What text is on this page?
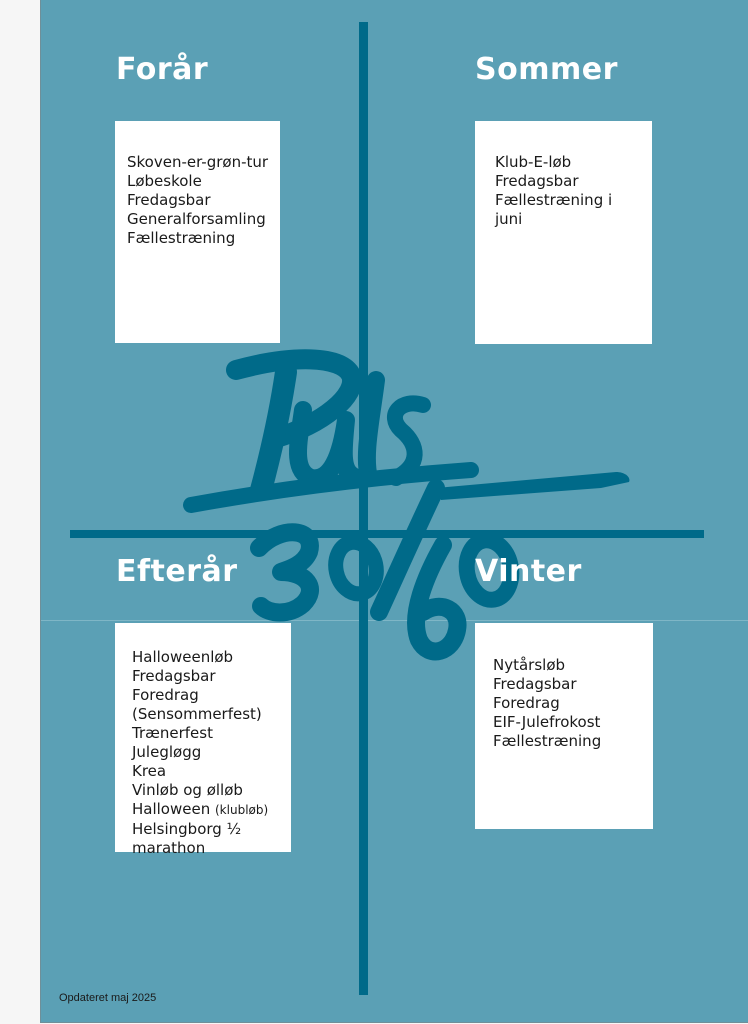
Forår
Skoven-er-grøn-tur
Løbeskole
Fredagsbar
Generalforsamling
Fællestræning
Sommer
Klub-E-løb
Fredagsbar
Fællestræning i juni
Efterår
Halloweenløb
Fredagsbar
Foredrag
(Sensommerfest)
Trænerfest
Julegløgg
Krea
Vinløb og ølløb
Halloween (klubløb)
Helsingborg ½ marathon
Vinter
Nytårsløb
Fredagsbar
Foredrag
EIF-Julefrokost
Fællestræning
Opdateret maj 2025
